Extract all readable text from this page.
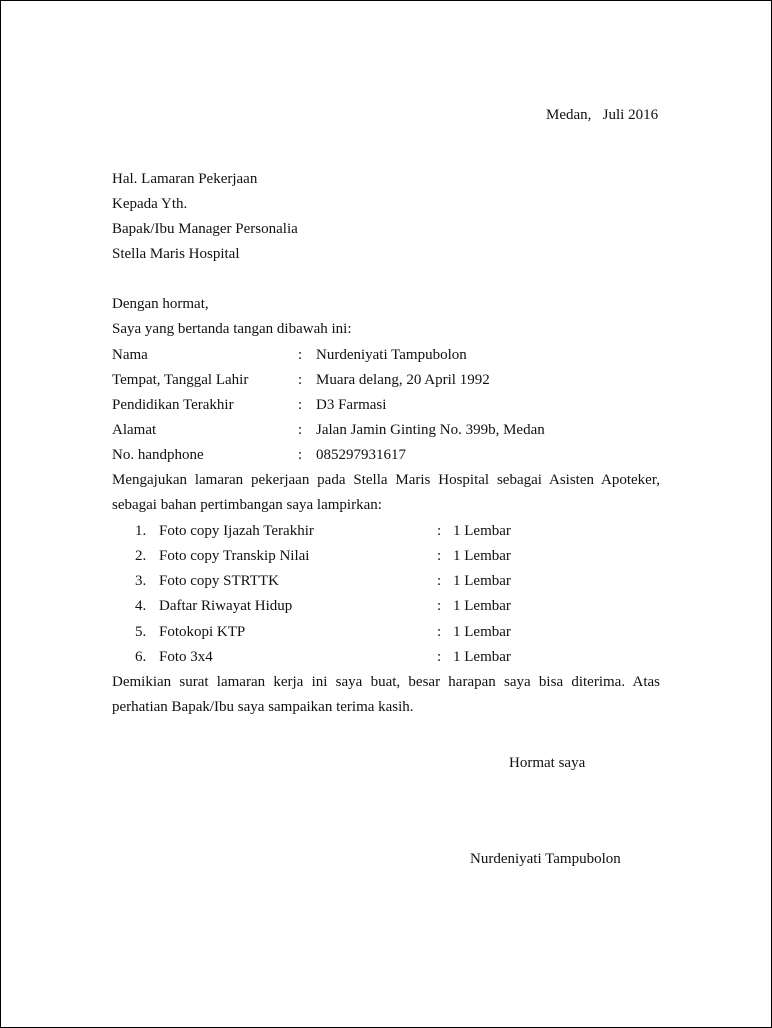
Medan,   Juli 2016
Hal. Lamaran Pekerjaan
Kepada Yth.
Bapak/Ibu Manager Personalia
Stella Maris Hospital
Dengan hormat,
Saya yang bertanda tangan dibawah ini:
Nama	: Nurdeniyati Tampubolon
Tempat, Tanggal Lahir	: Muara delang, 20 April 1992
Pendidikan Terakhir	: D3 Farmasi
Alamat	: Jalan Jamin Ginting No. 399b, Medan
No. handphone	: 085297931617
Mengajukan lamaran pekerjaan pada Stella Maris Hospital sebagai Asisten Apoteker,
sebagai bahan pertimbangan saya lampirkan:
1. Foto copy Ijazah Terakhir	: 1 Lembar
2. Foto copy Transkip Nilai	: 1 Lembar
3. Foto copy STRTTK	: 1 Lembar
4. Daftar Riwayat Hidup	: 1 Lembar
5. Fotokopi KTP	: 1 Lembar
6. Foto 3x4	: 1 Lembar
Demikian surat lamaran kerja ini saya buat, besar harapan saya bisa diterima. Atas
perhatian Bapak/Ibu saya sampaikan terima kasih.
Hormat saya
Nurdeniyati Tampubolon
